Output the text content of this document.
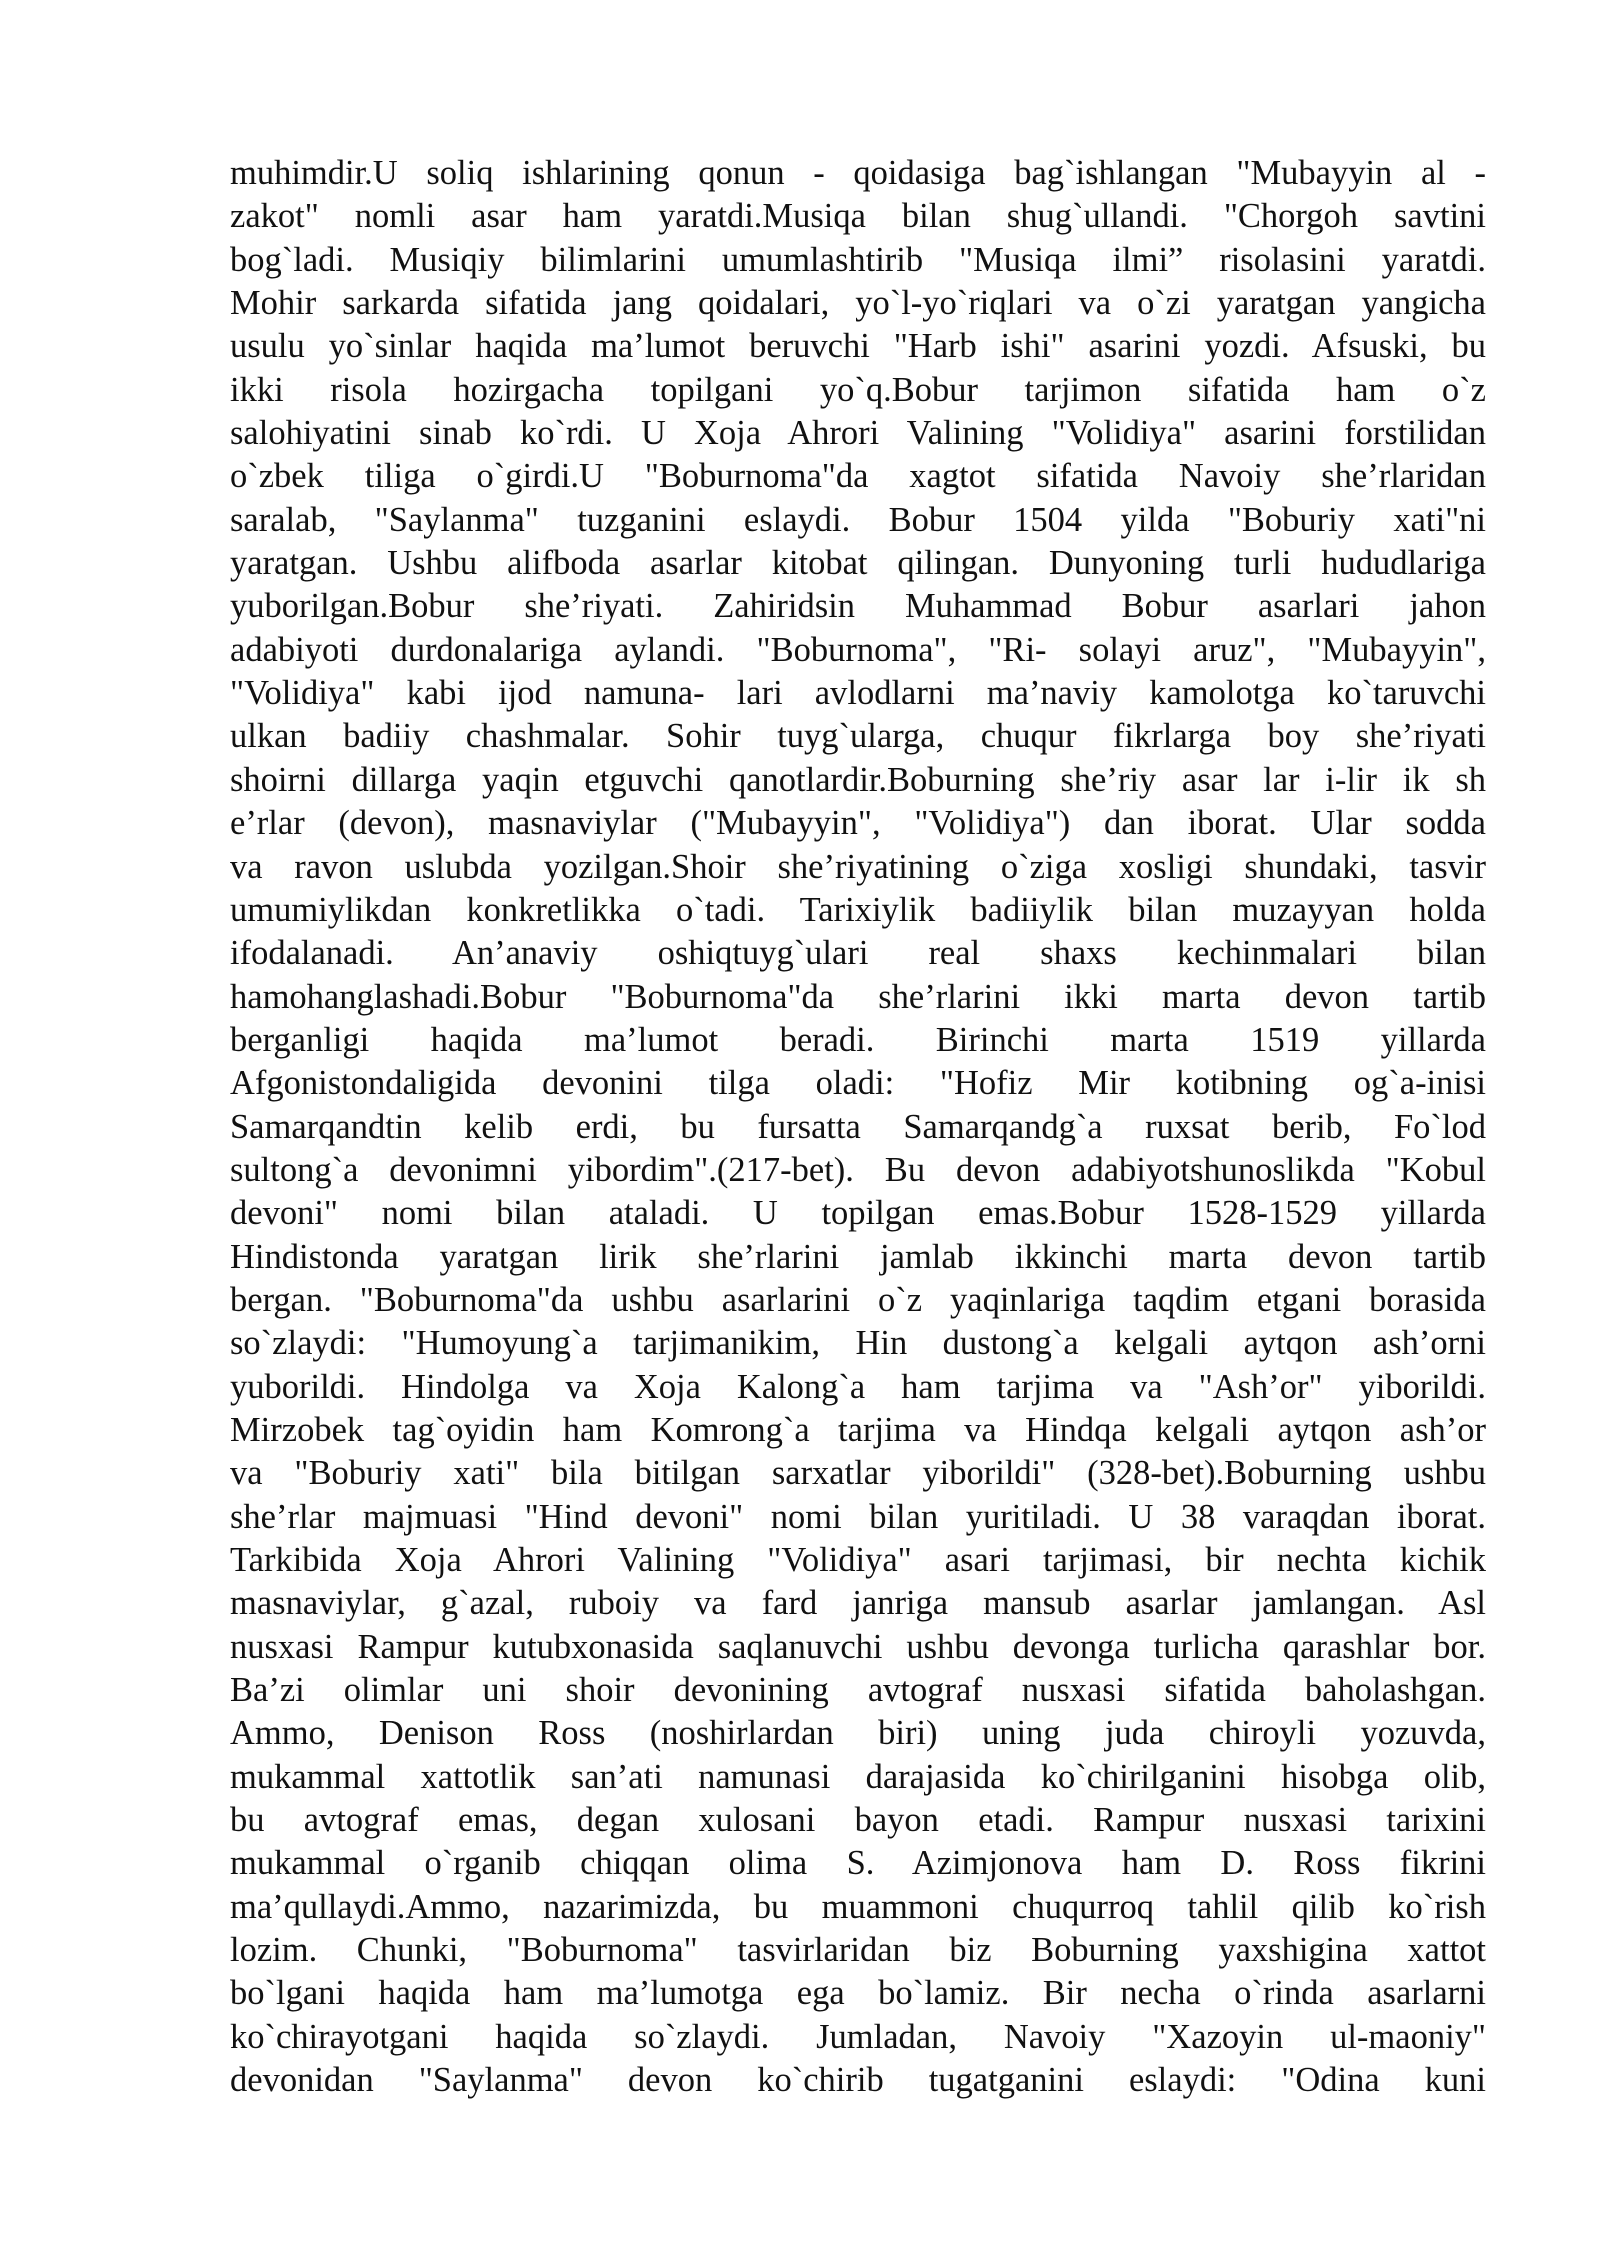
muhimdir.U soliq ishlarining qonun - qoidasiga bag`ishlangan "Mubayyin al -
zakot" nomli asar ham yaratdi.Musiqa bilan shug`ullandi. "Chorgoh savtini
bog`ladi. Musiqiy bilimlarini umumlashtirib "Musiqa ilmi” risolasini yaratdi.
Mohir sarkarda sifatida jang qoidalari, yo`l-yo`riqlari va o`zi yaratgan yangicha
usulu yo`sinlar haqida ma’lumot beruvchi "Harb ishi" asarini yozdi. Afsuski, bu
ikki risola hozirgacha topilgani yo`q.Bobur tarjimon sifatida ham o`z
salohiyatini sinab ko`rdi. U Xoja Ahrori Valining "Volidiya" asarini forstilidan
o`zbek tiliga o`girdi.U "Boburnoma"da xagtot sifatida Navoiy she’rlaridan
saralab, "Saylanma" tuzganini eslaydi. Bobur 1504 yilda "Boburiy xati"ni
yaratgan. Ushbu alifboda asarlar kitobat qilingan. Dunyoning turli hududlariga
yuborilgan.Bobur she’riyati. Zahiridsin Muhammad Bobur asarlari jahon
adabiyoti durdonalariga aylandi. "Boburnoma", "Ri- solayi aruz", "Mubayyin",
"Volidiya" kabi ijod namuna- lari avlodlarni ma’naviy kamolotga ko`taruvchi
ulkan badiiy chashmalar. Sohir tuyg`ularga, chuqur fikrlarga boy she’riyati
shoirni dillarga yaqin etguvchi qanotlardir.Boburning she’riy asar lar i-lir ik sh
e’rlar (devon), masnaviylar ("Mubayyin", "Volidiya") dan iborat. Ular sodda
va ravon uslubda yozilgan.Shoir she’riyatining o`ziga xosligi shundaki, tasvir
umumiylikdan konkretlikka o`tadi. Tarixiylik badiiylik bilan muzayyan holda
ifodalanadi. An’anaviy oshiqtuyg`ulari real shaxs kechinmalari bilan
hamohanglashadi.Bobur "Boburnoma"da she’rlarini ikki marta devon tartib
berganligi haqida ma’lumot beradi. Birinchi marta 1519 yillarda
Afgonistondaligida devonini tilga oladi: "Hofiz Mir kotibning og`a-inisi
Samarqandtin kelib erdi, bu fursatta Samarqandg`a ruxsat berib, Fo`lod
sultong`a devonimni yibordim".(217-bet). Bu devon adabiyotshunoslikda "Kobul
devoni" nomi bilan ataladi. U topilgan emas.Bobur 1528-1529 yillarda
Hindistonda yaratgan lirik she’rlarini jamlab ikkinchi marta devon tartib
bergan. "Boburnoma"da ushbu asarlarini o`z yaqinlariga taqdim etgani borasida
so`zlaydi: "Humoyung`a tarjimanikim, Hin dustong`a kelgali aytqon ash’orni
yuborildi. Hindolga va Xoja Kalong`a ham tarjima va "Ash’or" yiborildi.
Mirzobek tag`oyidin ham Komrong`a tarjima va Hindqa kelgali aytqon ash’or
va "Boburiy xati" bila bitilgan sarxatlar yiborildi" (328-bet).Boburning ushbu
she’rlar majmuasi "Hind devoni" nomi bilan yuritiladi. U 38 varaqdan iborat.
Tarkibida Xoja Ahrori Valining "Volidiya" asari tarjimasi, bir nechta kichik
masnaviylar, g`azal, ruboiy va fard janriga mansub asarlar jamlangan. Asl
nusxasi Rampur kutubxonasida saqlanuvchi ushbu devonga turlicha qarashlar bor.
Ba’zi olimlar uni shoir devonining avtograf nusxasi sifatida baholashgan.
Ammo, Denison Ross (noshirlardan biri) uning juda chiroyli yozuvda,
mukammal xattotlik san’ati namunasi darajasida ko`chirilganini hisobga olib,
bu avtograf emas, degan xulosani bayon etadi. Rampur nusxasi tarixini
mukammal o`rganib chiqqan olima S. Azimjonova ham D. Ross fikrini
ma’qullaydi.Ammo, nazarimizda, bu muammoni chuqurroq tahlil qilib ko`rish
lozim. Chunki, "Boburnoma" tasvirlaridan biz Boburning yaxshigina xattot
bo`lgani haqida ham ma’lumotga ega bo`lamiz. Bir necha o`rinda asarlarni
ko`chirayotgani haqida so`zlaydi. Jumladan, Navoiy "Xazoyin ul-maoniy"
devonidan "Saylanma" devon ko`chirib tugatganini eslaydi: "Odina kuni
